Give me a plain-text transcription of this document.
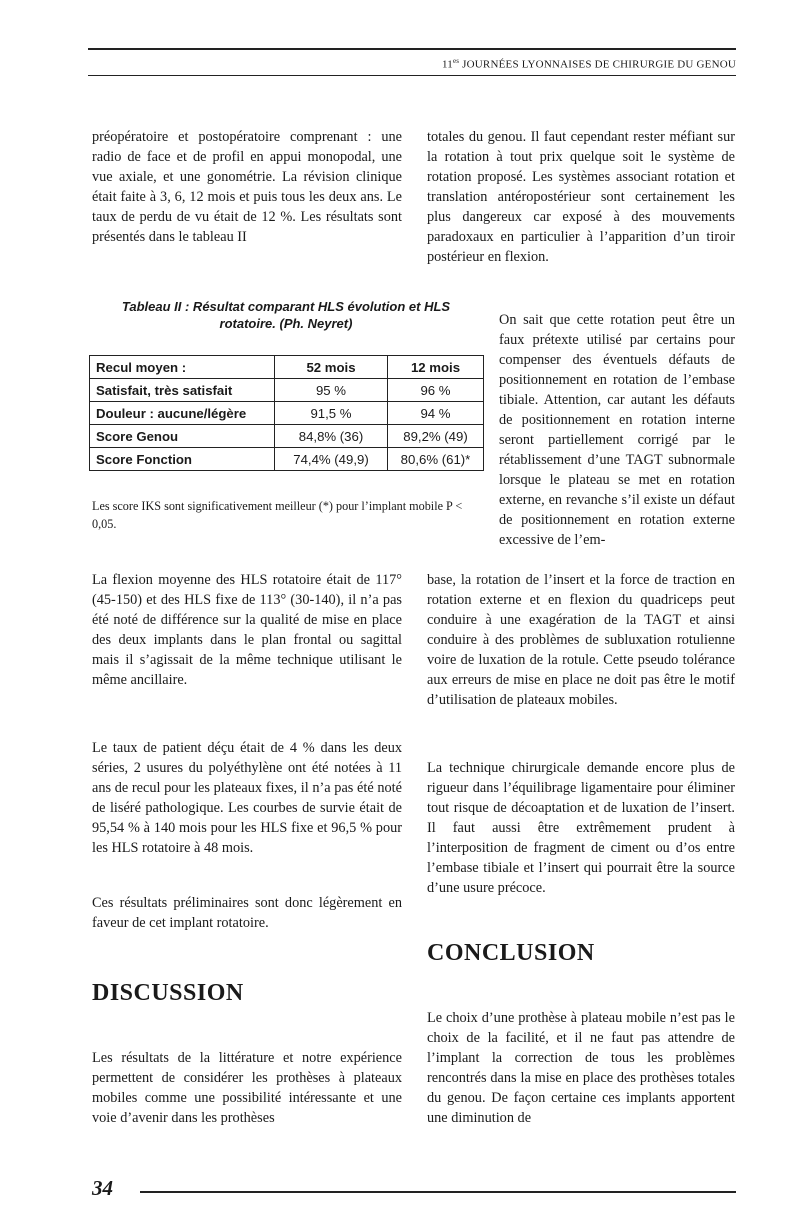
$11^{es}$ JOURNÉES LYONNAISES DE CHIRURGIE DU GENOU

préopératoire et postopératoire comprenant : une radio de face et de profil en appui monopodal, une vue axiale, et une gonométrie. La révision clinique était faite à 3, 6, 12 mois et puis tous les deux ans. Le taux de perdu de vu était de 12 %. Les résultats sont présentés dans le tableau II

Tableau II : Résultat comparant HLS évolution et HLS
rotatoire. (Ph. Neyret)
Recul moyen :	52 mois	12 mois
Satisfait, très satisfait	95 %	96 %
Douleur : aucune/légère	91,5 %	94 %
Score Genou	84,8% (36)	89,2% (49)
Score Fonction	74,4% (49,9)	80,6% (61)*

Les score IKS sont significativement meilleur (*) pour l’implant mobile P < 0,05.

La flexion moyenne des HLS rotatoire était de 117° (45-150) et des HLS fixe de 113° (30-140), il n’a pas été noté de différence sur la qualité de mise en place des deux implants dans le plan frontal ou sagittal mais il s’agissait de la même technique utilisant le même ancillaire.

Le taux de patient déçu était de 4 % dans les deux séries, 2 usures du polyéthylène ont été notées à 11 ans de recul pour les plateaux fixes, il n’a pas été noté de liséré pathologique. Les courbes de survie était de 95,54 % à 140 mois pour les HLS fixe et 96,5 % pour les HLS rotatoire à 48 mois.

Ces résultats préliminaires sont donc légèrement en faveur de cet implant rotatoire.

DISCUSSION

Les résultats de la littérature et notre expérience permettent de considérer les prothèses à plateaux mobiles comme une possibilité intéressante et une voie d’avenir dans les prothèses

totales du genou. Il faut cependant rester méfiant sur la rotation à tout prix quelque soit le système de rotation proposé. Les systèmes associant rotation et translation antéropostérieur sont certainement les plus dangereux car exposé à des mouvements paradoxaux en particulier à l’apparition d’un tiroir postérieur en flexion.

On sait que cette rotation peut être un faux prétexte utilisé par certains pour compenser des éventuels défauts de positionnement en rotation de l’embase tibiale. Attention, car autant les défauts de positionnement en rotation interne seront partiellement corrigé par le rétablissement d’une TAGT subnormale lorsque le plateau se met en rotation externe, en revanche s’il existe un défaut de positionnement en rotation externe excessive de l’em-

base, la rotation de l’insert et la force de traction en rotation externe et en flexion du quadriceps peut conduire à une exagération de la TAGT et ainsi conduire à des problèmes de subluxation rotulienne voire de luxation de la rotule. Cette pseudo tolérance aux erreurs de mise en place ne doit pas être le motif d’utilisation de plateaux mobiles.

La technique chirurgicale demande encore plus de rigueur dans l’équilibrage ligamentaire pour éliminer tout risque de décoaptation et de luxation de l’insert. Il faut aussi être extrêmement prudent à l’interposition de fragment de ciment ou d’os entre l’embase tibiale et l’insert qui pourrait être la source d’une usure précoce.

CONCLUSION

Le choix d’une prothèse à plateau mobile n’est pas le choix de la facilité, et il ne faut pas attendre de l’implant la correction de tous les problèmes rencontrés dans la mise en place des prothèses totales du genou. De façon certaine ces implants apportent une diminution de

34
